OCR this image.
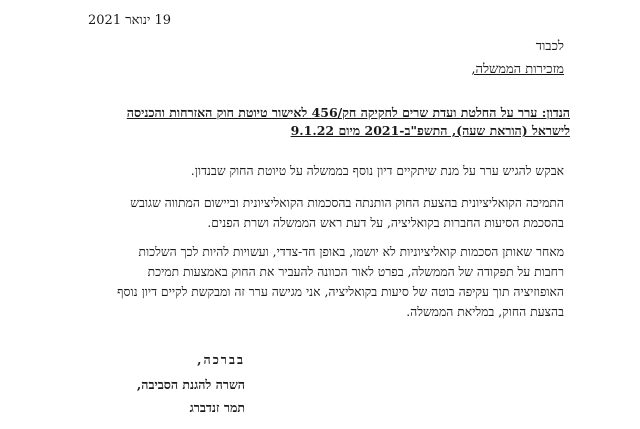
19 ינואר 2021
לכבוד
מזכירות הממשלה,
הנדון: ערר על החלטת ועדת שרים לחקיקה חק/456 לאישור טיוטת חוק האזרחות והכניסה
לישראל (הוראת שעה), התשפ"ב-2021 מיום 9.1.22
אבקש להגיש ערר על מנת שיתקיים דיון נוסף בממשלה על טיוטת החוק שבנדון.
התמיכה הקואליציונית בהצעת החוק הותנתה בהסכמות הקואליציונית וביישום המתווה שגובש
בהסכמת הסיעות החברות בקואליציה, על דעת ראש הממשלה ושרת הפנים.
מאחר שאותן הסכמות קואליציוניות לא יושמו, באופן חד-צדדי, ועשויות להיות לכך השלכות
רחבות על תפקודה של הממשלה, בפרט לאור הכוונה להעביר את החוק באמצעות תמיכת
האופוזיציה תוך עקיפה בוטה של סיעות בקואליציה, אני מגישה ערר זה ומבקשת לקיים דיון נוסף
בהצעת החוק, במליאת הממשלה.
בברכה,
השרה להגנת הסביבה,
תמר זנדברג
